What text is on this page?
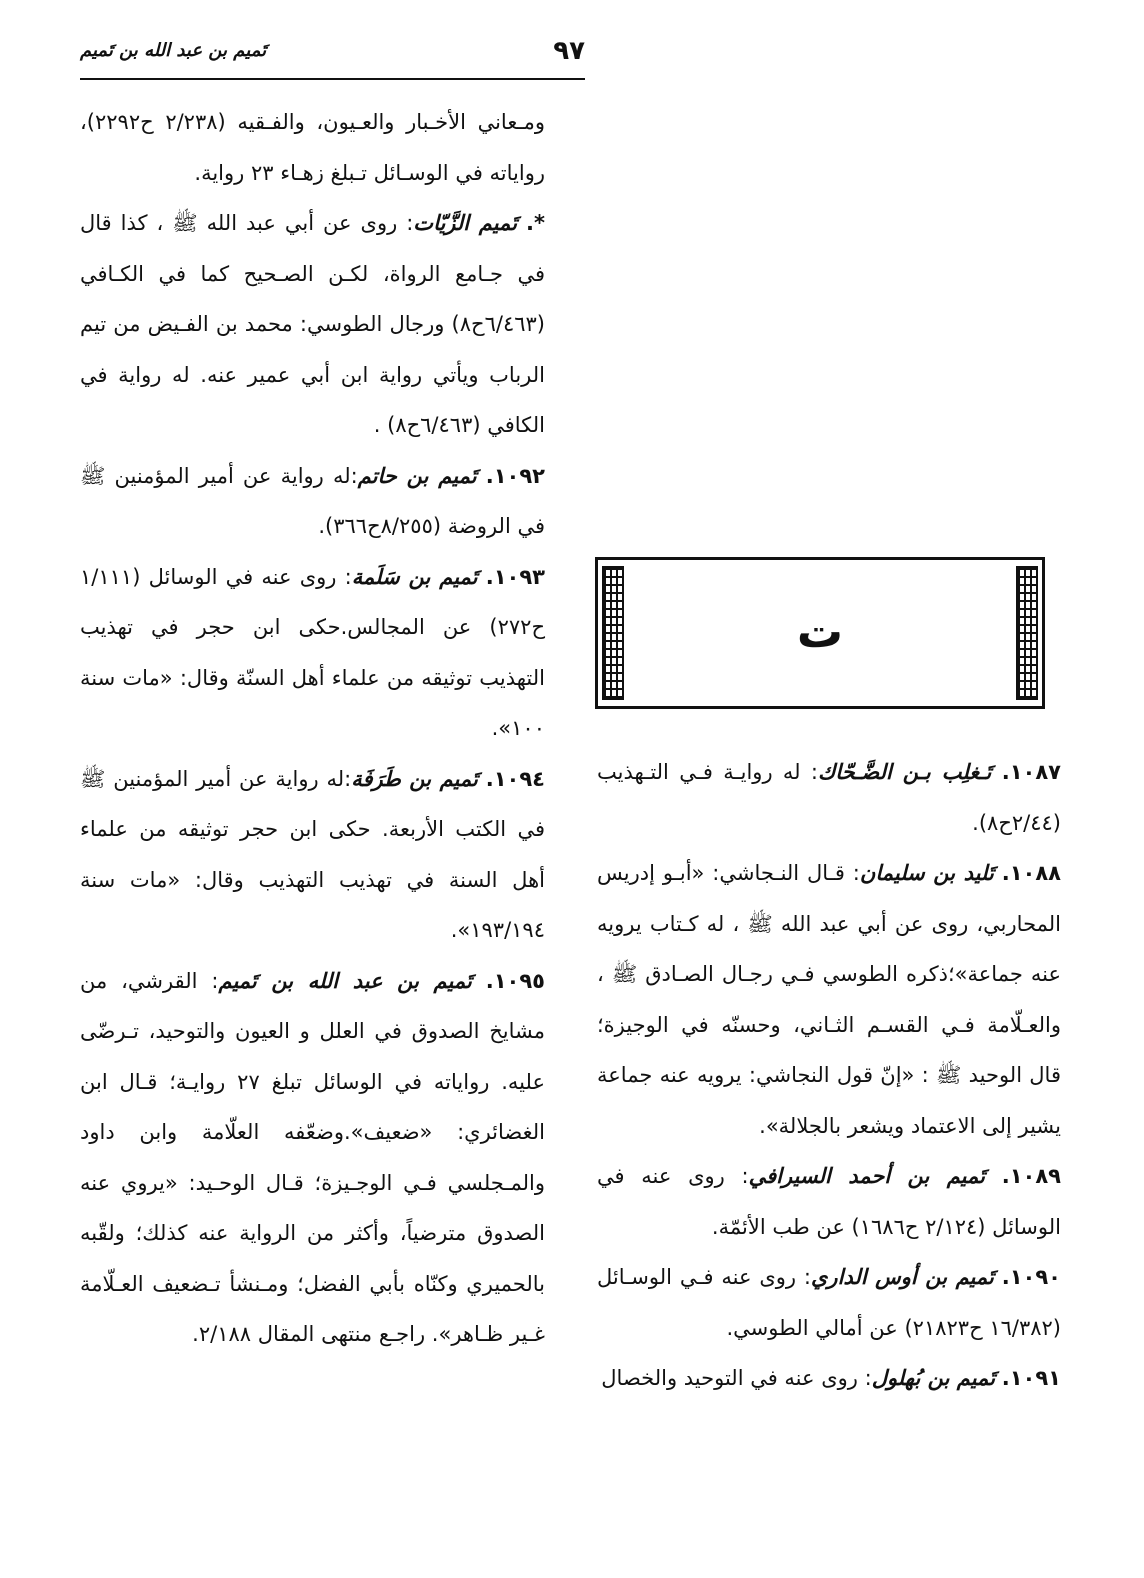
٩٧
تَميم بن عبد الله بن تَميم

ومـعاني الأخـبار والعـيون، والفـقيه (٢/٢٣٨ ح٢٢٩٢)، رواياته في الوسـائل تـبلغ زهـاء ٢٣ رواية.

*. تَميم الزَّيّات: روى عن أبي عبد الله ﷺ ، كذا قال في جـامع الرواة، لكـن الصـحيح كما في الكـافي (٦/٤٦٣ح٨) ورجال الطوسي: محمد بن الفـيض من تيم الرباب ويأتي رواية ابن أبي عمير عنه. له رواية في الكافي (٦/٤٦٣ح٨) .

١٠٩٢. تَميم بن حاتم:له رواية عن أمير المؤمنين ﷺ في الروضة (٨/٢٥٥ح٣٦٦).

١٠٩٣. تَميم بن سَلَمة: روى عنه في الوسائل (١/١١١ ح٢٧٢) عن المجالس.حكى ابن حجر في تهذيب التهذيب توثيقه من علماء أهل السنّة وقال: «مات سنة ١٠٠».

١٠٩٤. تَميم بن طَرَفَة:له رواية عن أمير المؤمنين ﷺ في الكتب الأربعة. حكى ابن حجر توثيقه من علماء أهل السنة في تهذيب التهذيب وقال: «مات سنة ١٩٣/١٩٤».

١٠٩٥. تَميم بن عبد الله بن تَميم: القرشي، من مشايخ الصدوق في العلل و العيون والتوحيد، تـرضّى عليه. رواياته في الوسائل تبلغ ٢٧ روايـة؛ قـال ابن الغضائري: «ضعيف».وضعّفه العلّامة وابن داود والمـجلسي فـي الوجـيزة؛ قـال الوحـيد: «يروي عنه الصدوق مترضياً، وأكثر من الرواية عنه كذلك؛ ولقّبه بالحميري وكنّاه بأبي الفضل؛ ومـنشأ تـضعيف العـلّامة غـير ظـاهر». راجـع منتهى المقال ٢/١٨٨.

ت

١٠٨٧. تَـغلِب بـن الضَّـحّاك: له روايـة فـي التـهذيب (٢/٤٤ح٨).

١٠٨٨. تَليد بن سليمان: قـال النـجاشي: «أبـو إدريس المحاربي، روى عن أبي عبد الله ﷺ ، له كـتاب يرويه عنه جماعة»؛ذكره الطوسي فـي رجـال الصـادق ﷺ ، والعـلّامة فـي القسـم الثـاني، وحسنّه في الوجيزة؛ قال الوحيد ﷺ : «إنّ قول النجاشي: يرويه عنه جماعة يشير إلى الاعتماد ويشعر بالجلالة».

١٠٨٩. تَميم بن أحمد السيرافي: روى عنه في الوسائل (٢/١٢٤ ح١٦٨٦) عن طب الأئمّة.

١٠٩٠. تَميم بن أوس الداري: روى عنه فـي الوسـائل (١٦/٣٨٢ ح٢١٨٢٣) عن أمالي الطوسي.

١٠٩١. تَميم بن بُهلول: روى عنه في التوحيد والخصال
